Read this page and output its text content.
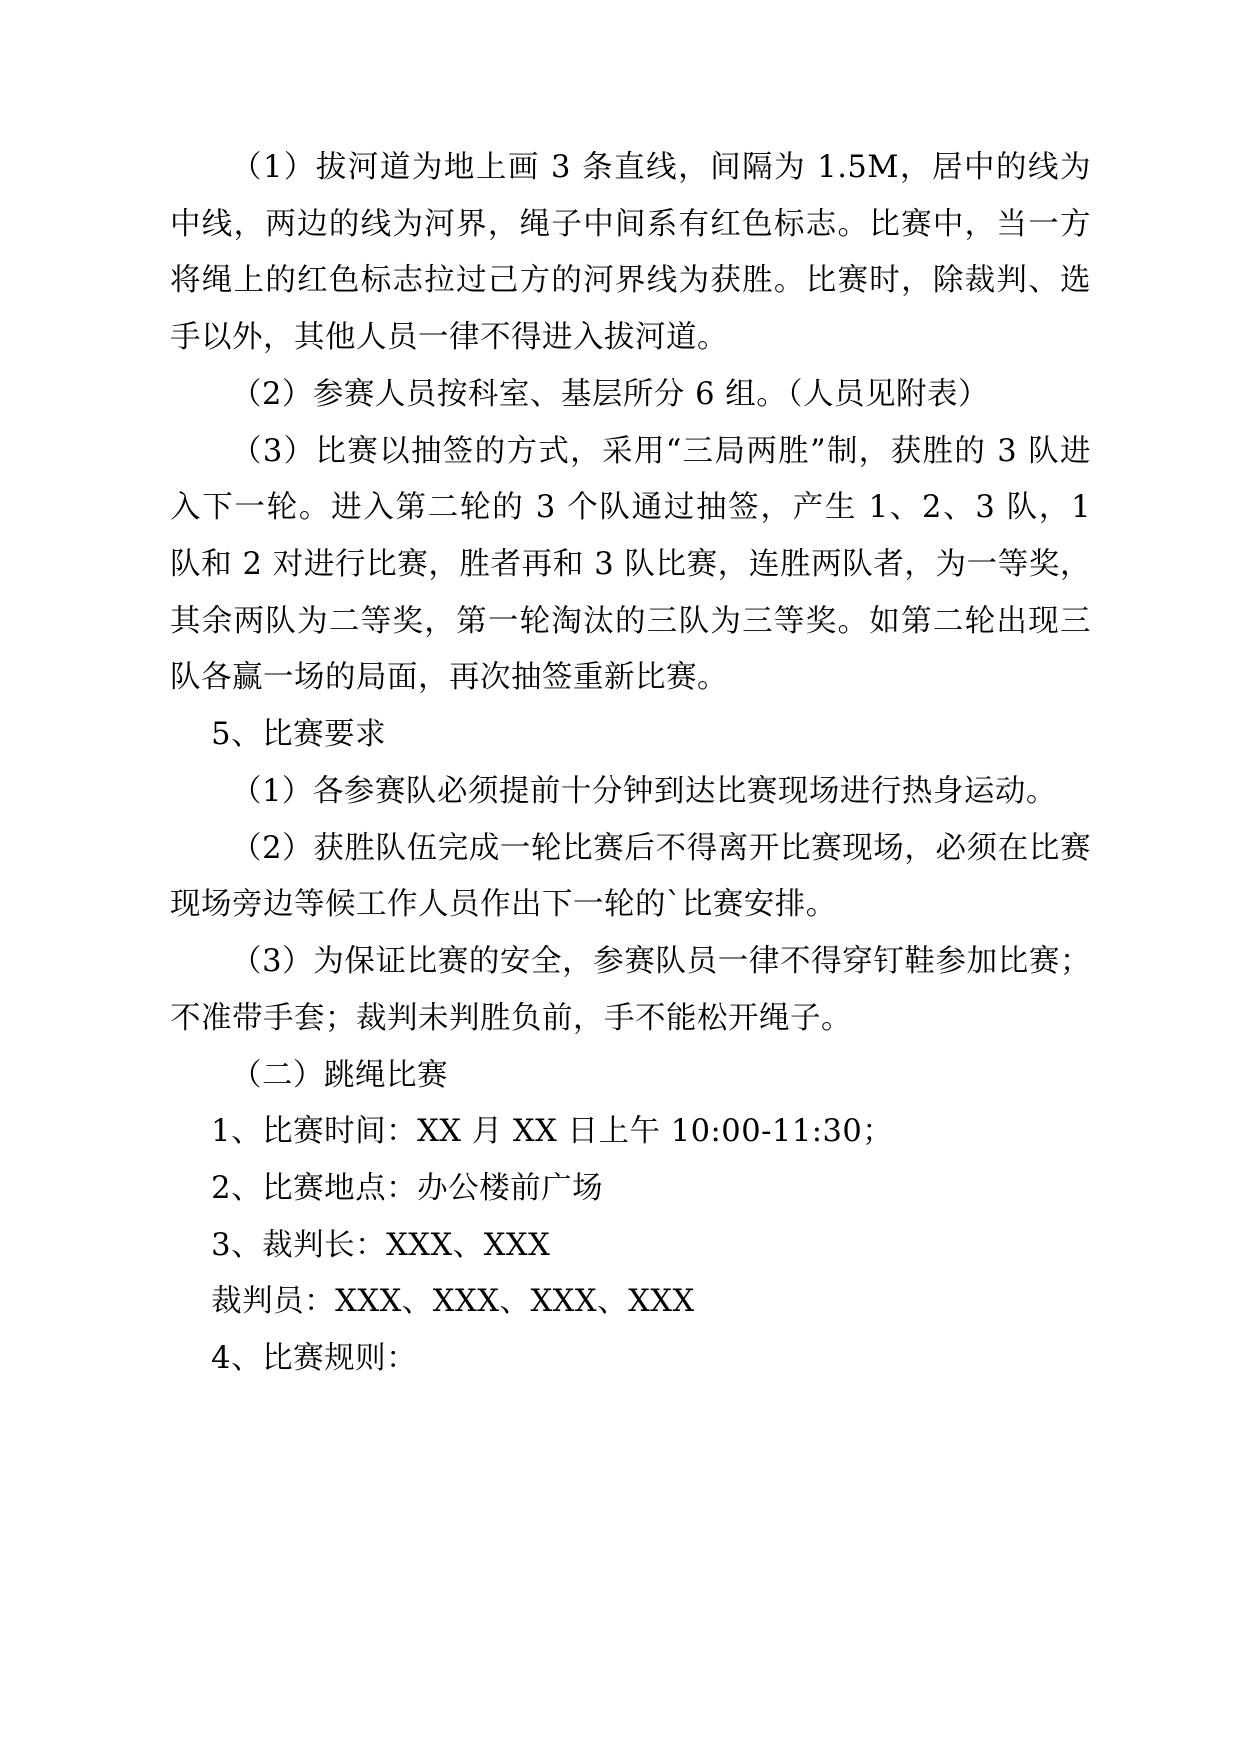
（1）拔河道为地上画 3 条直线，间隔为 1.5M，居中的线为中线，两边的线为河界，绳子中间系有红色标志。比赛中，当一方将绳上的红色标志拉过己方的河界线为获胜。比赛时，除裁判、选手以外，其他人员一律不得进入拔河道。

（2）参赛人员按科室、基层所分 6 组。（人员见附表）

（3）比赛以抽签的方式，采用“三局两胜”制，获胜的 3 队进入下一轮。进入第二轮的 3 个队通过抽签，产生 1、2、3 队，1 队和 2 对进行比赛，胜者再和 3 队比赛，连胜两队者，为一等奖，其余两队为二等奖，第一轮淘汰的三队为三等奖。如第二轮出现三队各赢一场的局面，再次抽签重新比赛。

5、比赛要求

（1）各参赛队必须提前十分钟到达比赛现场进行热身运动。

（2）获胜队伍完成一轮比赛后不得离开比赛现场，必须在比赛现场旁边等候工作人员作出下一轮的`比赛安排。

（3）为保证比赛的安全，参赛队员一律不得穿钉鞋参加比赛；不准带手套；裁判未判胜负前，手不能松开绳子。

（二）跳绳比赛

1、比赛时间：XX 月 XX 日上午 10:00-11:30；

2、比赛地点：办公楼前广场

3、裁判长：XXX、XXX

裁判员：XXX、XXX、XXX、XXX

4、比赛规则：
